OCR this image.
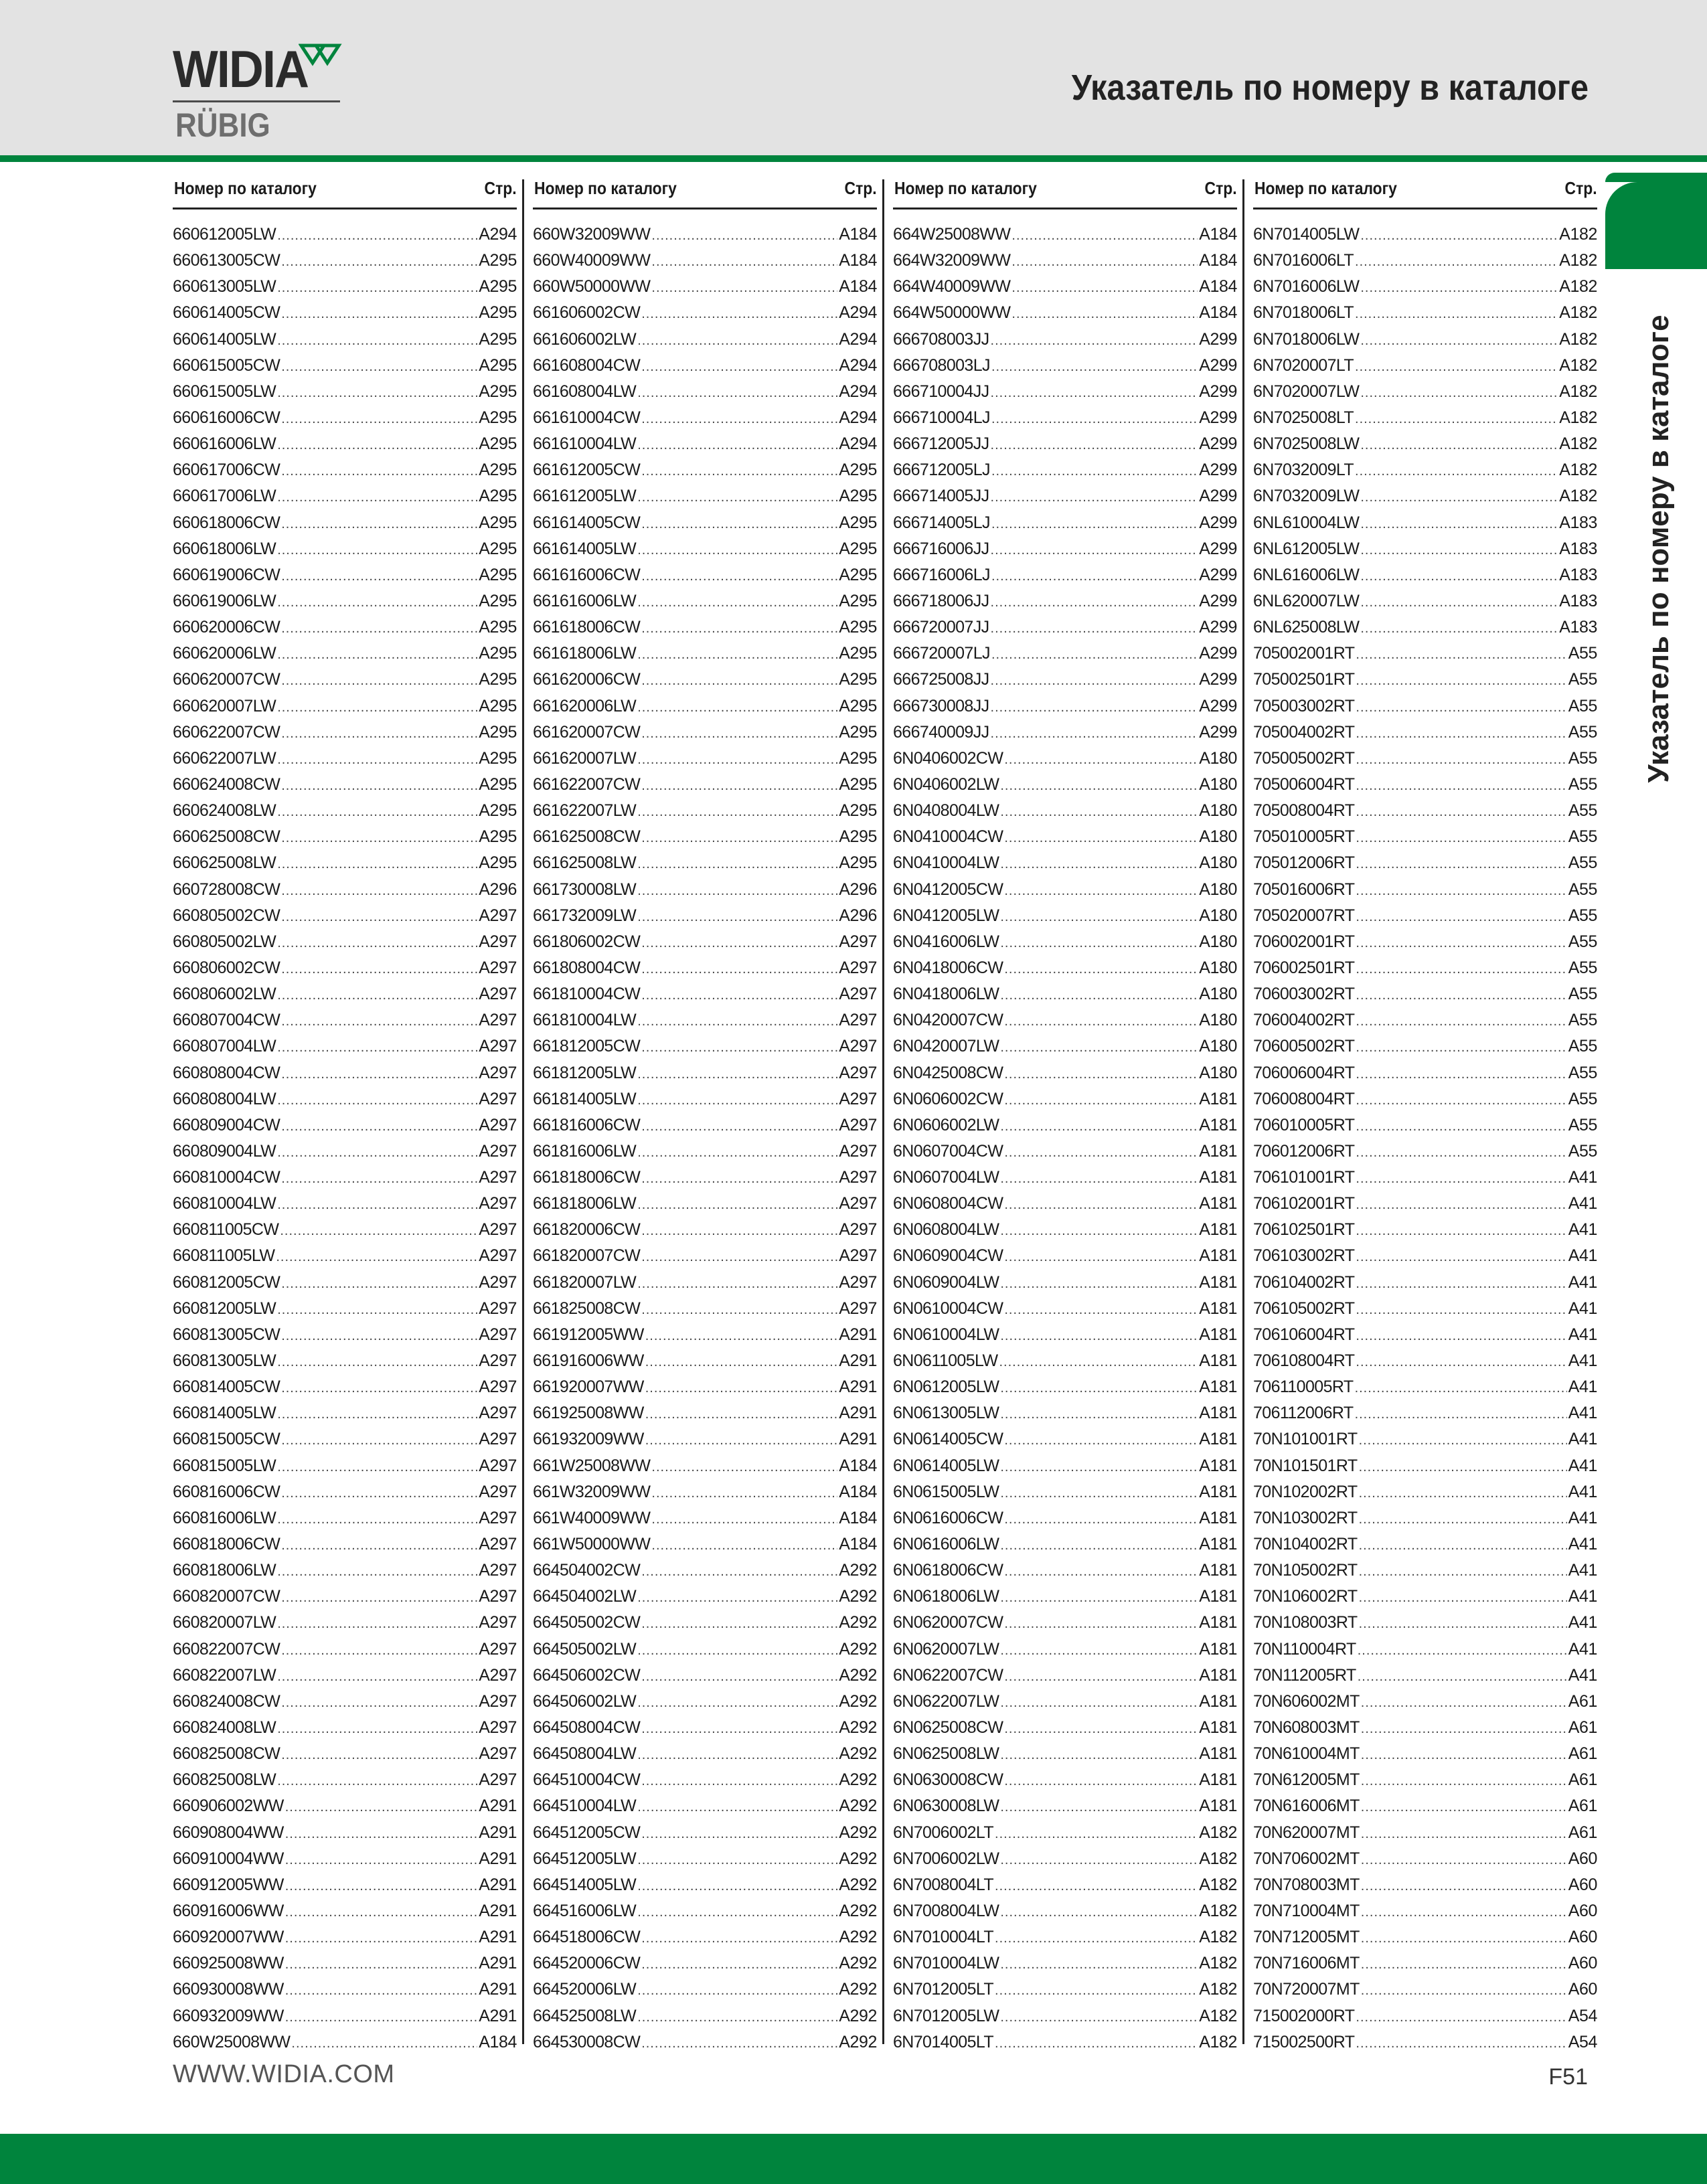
WIDIA
RÜBIG
Указатель по номеру в каталоге
Номер по каталогу	Стр.
660612005LW .....	A294
660613005CW .....	A295
660613005LW .....	A295
660614005CW .....	A295
660614005LW .....	A295
660615005CW .....	A295
660615005LW .....	A295
660616006CW .....	A295
660616006LW .....	A295
660617006CW .....	A295
660617006LW .....	A295
660618006CW .....	A295
660618006LW .....	A295
660619006CW .....	A295
660619006LW .....	A295
660620006CW .....	A295
660620006LW .....	A295
660620007CW .....	A295
660620007LW .....	A295
660622007CW .....	A295
660622007LW .....	A295
660624008CW .....	A295
660624008LW .....	A295
660625008CW .....	A295
660625008LW .....	A295
660728008CW .....	A296
660805002CW .....	A297
660805002LW .....	A297
660806002CW .....	A297
660806002LW .....	A297
660807004CW .....	A297
660807004LW .....	A297
660808004CW .....	A297
660808004LW .....	A297
660809004CW .....	A297
660809004LW .....	A297
660810004CW .....	A297
660810004LW .....	A297
660811005CW .....	A297
660811005LW .....	A297
660812005CW .....	A297
660812005LW .....	A297
660813005CW .....	A297
660813005LW .....	A297
660814005CW .....	A297
660814005LW .....	A297
660815005CW .....	A297
660815005LW .....	A297
660816006CW .....	A297
660816006LW .....	A297
660818006CW .....	A297
660818006LW .....	A297
660820007CW .....	A297
660820007LW .....	A297
660822007CW .....	A297
660822007LW .....	A297
660824008CW .....	A297
660824008LW .....	A297
660825008CW .....	A297
660825008LW .....	A297
660906002WW .....	A291
660908004WW .....	A291
660910004WW .....	A291
660912005WW .....	A291
660916006WW .....	A291
660920007WW .....	A291
660925008WW .....	A291
660930008WW .....	A291
660932009WW .....	A291
660W25008WW .....	A184
Номер по каталогу	Стр.
660W32009WW .....	A184
660W40009WW .....	A184
660W50000WW .....	A184
661606002CW .....	A294
661606002LW .....	A294
661608004CW .....	A294
661608004LW .....	A294
661610004CW .....	A294
661610004LW .....	A294
661612005CW .....	A295
661612005LW .....	A295
661614005CW .....	A295
661614005LW .....	A295
661616006CW .....	A295
661616006LW .....	A295
661618006CW .....	A295
661618006LW .....	A295
661620006CW .....	A295
661620006LW .....	A295
661620007CW .....	A295
661620007LW .....	A295
661622007CW .....	A295
661622007LW .....	A295
661625008CW .....	A295
661625008LW .....	A295
661730008LW .....	A296
661732009LW .....	A296
661806002CW .....	A297
661808004CW .....	A297
661810004CW .....	A297
661810004LW .....	A297
661812005CW .....	A297
661812005LW .....	A297
661814005LW .....	A297
661816006CW .....	A297
661816006LW .....	A297
661818006CW .....	A297
661818006LW .....	A297
661820006CW .....	A297
661820007CW .....	A297
661820007LW .....	A297
661825008CW .....	A297
661912005WW .....	A291
661916006WW .....	A291
661920007WW .....	A291
661925008WW .....	A291
661932009WW .....	A291
661W25008WW .....	A184
661W32009WW .....	A184
661W40009WW .....	A184
661W50000WW .....	A184
664504002CW .....	A292
664504002LW .....	A292
664505002CW .....	A292
664505002LW .....	A292
664506002CW .....	A292
664506002LW .....	A292
664508004CW .....	A292
664508004LW .....	A292
664510004CW .....	A292
664510004LW .....	A292
664512005CW .....	A292
664512005LW .....	A292
664514005LW .....	A292
664516006LW .....	A292
664518006CW .....	A292
664520006CW .....	A292
664520006LW .....	A292
664525008LW .....	A292
664530008CW .....	A292
Номер по каталогу	Стр.
664W25008WW .....	A184
664W32009WW .....	A184
664W40009WW .....	A184
664W50000WW .....	A184
666708003JJ .....	A299
666708003LJ .....	A299
666710004JJ .....	A299
666710004LJ .....	A299
666712005JJ .....	A299
666712005LJ .....	A299
666714005JJ .....	A299
666714005LJ .....	A299
666716006JJ .....	A299
666716006LJ .....	A299
666718006JJ .....	A299
666720007JJ .....	A299
666720007LJ .....	A299
666725008JJ .....	A299
666730008JJ .....	A299
666740009JJ .....	A299
6N0406002CW .....	A180
6N0406002LW .....	A180
6N0408004LW .....	A180
6N0410004CW .....	A180
6N0410004LW .....	A180
6N0412005CW .....	A180
6N0412005LW .....	A180
6N0416006LW .....	A180
6N0418006CW .....	A180
6N0418006LW .....	A180
6N0420007CW .....	A180
6N0420007LW .....	A180
6N0425008CW .....	A180
6N0606002CW .....	A181
6N0606002LW .....	A181
6N0607004CW .....	A181
6N0607004LW .....	A181
6N0608004CW .....	A181
6N0608004LW .....	A181
6N0609004CW .....	A181
6N0609004LW .....	A181
6N0610004CW .....	A181
6N0610004LW .....	A181
6N0611005LW .....	A181
6N0612005LW .....	A181
6N0613005LW .....	A181
6N0614005CW .....	A181
6N0614005LW .....	A181
6N0615005LW .....	A181
6N0616006CW .....	A181
6N0616006LW .....	A181
6N0618006CW .....	A181
6N0618006LW .....	A181
6N0620007CW .....	A181
6N0620007LW .....	A181
6N0622007CW .....	A181
6N0622007LW .....	A181
6N0625008CW .....	A181
6N0625008LW .....	A181
6N0630008CW .....	A181
6N0630008LW .....	A181
6N7006002LT .....	A182
6N7006002LW .....	A182
6N7008004LT .....	A182
6N7008004LW .....	A182
6N7010004LT .....	A182
6N7010004LW .....	A182
6N7012005LT .....	A182
6N7012005LW .....	A182
6N7014005LT .....	A182
Номер по каталогу	Стр.
6N7014005LW .....	A182
6N7016006LT .....	A182
6N7016006LW .....	A182
6N7018006LT .....	A182
6N7018006LW .....	A182
6N7020007LT .....	A182
6N7020007LW .....	A182
6N7025008LT .....	A182
6N7025008LW .....	A182
6N7032009LT .....	A182
6N7032009LW .....	A182
6NL610004LW .....	A183
6NL612005LW .....	A183
6NL616006LW .....	A183
6NL620007LW .....	A183
6NL625008LW .....	A183
705002001RT .....	A55
705002501RT .....	A55
705003002RT .....	A55
705004002RT .....	A55
705005002RT .....	A55
705006004RT .....	A55
705008004RT .....	A55
705010005RT .....	A55
705012006RT .....	A55
705016006RT .....	A55
705020007RT .....	A55
706002001RT .....	A55
706002501RT .....	A55
706003002RT .....	A55
706004002RT .....	A55
706005002RT .....	A55
706006004RT .....	A55
706008004RT .....	A55
706010005RT .....	A55
706012006RT .....	A55
706101001RT .....	A41
706102001RT .....	A41
706102501RT .....	A41
706103002RT .....	A41
706104002RT .....	A41
706105002RT .....	A41
706106004RT .....	A41
706108004RT .....	A41
706110005RT .....	A41
706112006RT .....	A41
70N101001RT .....	A41
70N101501RT .....	A41
70N102002RT .....	A41
70N103002RT .....	A41
70N104002RT .....	A41
70N105002RT .....	A41
70N106002RT .....	A41
70N108003RT .....	A41
70N110004RT .....	A41
70N112005RT .....	A41
70N606002MT .....	A61
70N608003MT .....	A61
70N610004MT .....	A61
70N612005MT .....	A61
70N616006MT .....	A61
70N620007MT .....	A61
70N706002MT .....	A60
70N708003MT .....	A60
70N710004MT .....	A60
70N712005MT .....	A60
70N716006MT .....	A60
70N720007MT .....	A60
715002000RT .....	A54
715002500RT .....	A54
Указатель по номеру в каталоге
WWW.WIDIA.COM	F51
